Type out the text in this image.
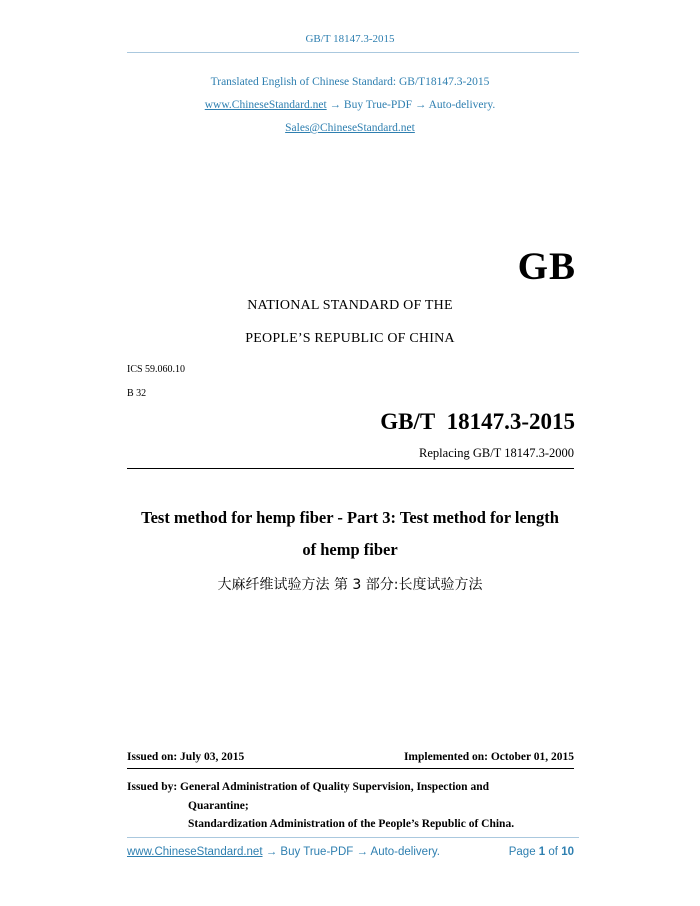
GB/T 18147.3-2015
Translated English of Chinese Standard: GB/T18147.3-2015
www.ChineseStandard.net → Buy True-PDF → Auto-delivery.
Sales@ChineseStandard.net
GB
NATIONAL STANDARD OF THE
PEOPLE’S REPUBLIC OF CHINA
ICS 59.060.10
B 32
GB/T 18147.3-2015
Replacing GB/T 18147.3-2000
Test method for hemp fiber - Part 3: Test method for length
of hemp fiber
大麻纤维试验方法 第 3 部分:长度试验方法
Issued on: July 03, 2015	Implemented on: October 01, 2015
Issued by: General Administration of Quality Supervision, Inspection and
Quarantine;
Standardization Administration of the People’s Republic of China.
www.ChineseStandard.net → Buy True-PDF → Auto-delivery.	Page 1 of 10
